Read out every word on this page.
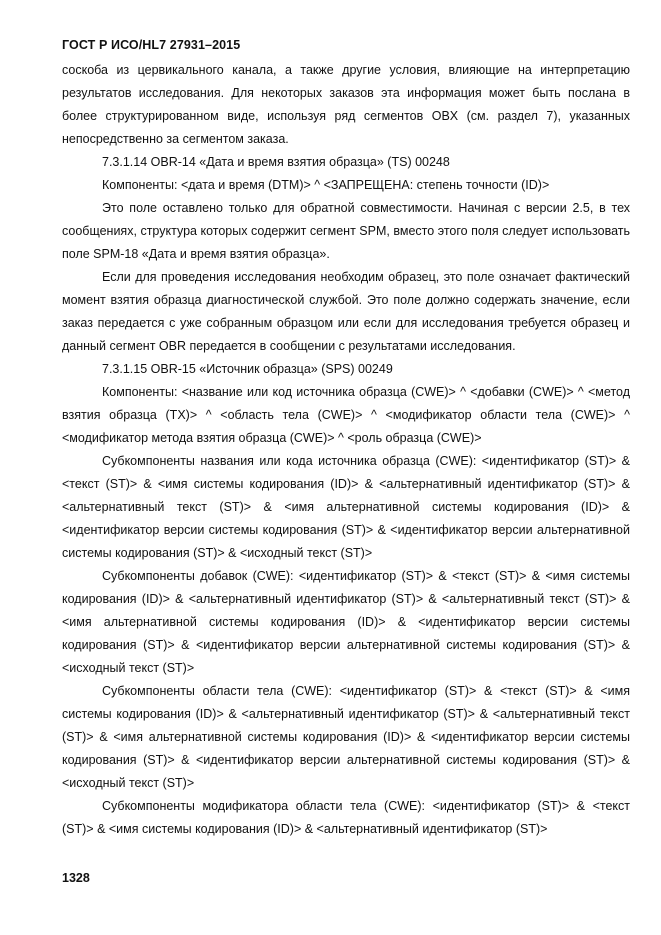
ГОСТ Р ИСО/HL7 27931–2015

соскоба из цервикального канала, а также другие условия, влияющие на интерпретацию результатов исследования. Для некоторых заказов эта информация может быть послана в более структурированном виде, используя ряд сегментов OBX (см. раздел 7), указанных непосредственно за сегментом заказа.

7.3.1.14 OBR-14 «Дата и время взятия образца» (TS) 00248

Компоненты: <дата и время (DTM)> ^ <ЗАПРЕЩЕНА: степень точности (ID)>

Это поле оставлено только для обратной совместимости. Начиная с версии 2.5, в тех сообщениях, структура которых содержит сегмент SPM, вместо этого поля следует использовать поле SPM-18 «Дата и время взятия образца».

Если для проведения исследования необходим образец, это поле означает фактический момент взятия образца диагностической службой. Это поле должно содержать значение, если заказ передается с уже собранным образцом или если для исследования требуется образец и данный сегмент OBR передается в сообщении с результатами исследования.

7.3.1.15 OBR-15 «Источник образца» (SPS) 00249

Компоненты: <название или код источника образца (CWE)> ^ <добавки (CWE)> ^ <метод взятия образца (TX)> ^ <область тела (CWE)> ^ <модификатор области тела (CWE)> ^ <модификатор метода взятия образца (CWE)> ^ <роль образца (CWE)>

Субкомпоненты названия или кода источника образца (CWE): <идентификатор (ST)> & <текст (ST)> & <имя системы кодирования (ID)> & <альтернативный идентификатор (ST)> & <альтернативный текст (ST)> & <имя альтернативной системы кодирования (ID)> & <идентификатор версии системы кодирования (ST)> & <идентификатор версии альтернативной системы кодирования (ST)> & <исходный текст (ST)>

Субкомпоненты добавок (CWE): <идентификатор (ST)> & <текст (ST)> & <имя системы кодирования (ID)> & <альтернативный идентификатор (ST)> & <альтернативный текст (ST)> & <имя альтернативной системы кодирования (ID)> & <идентификатор версии системы кодирования (ST)> & <идентификатор версии альтернативной системы кодирования (ST)> & <исходный текст (ST)>

Субкомпоненты области тела (CWE): <идентификатор (ST)> & <текст (ST)> & <имя системы кодирования (ID)> & <альтернативный идентификатор (ST)> & <альтернативный текст (ST)> & <имя альтернативной системы кодирования (ID)> & <идентификатор версии системы кодирования (ST)> & <идентификатор версии альтернативной системы кодирования (ST)> & <исходный текст (ST)>

Субкомпоненты модификатора области тела (CWE): <идентификатор (ST)> & <текст (ST)> & <имя системы кодирования (ID)> & <альтернативный идентификатор (ST)>

1328
